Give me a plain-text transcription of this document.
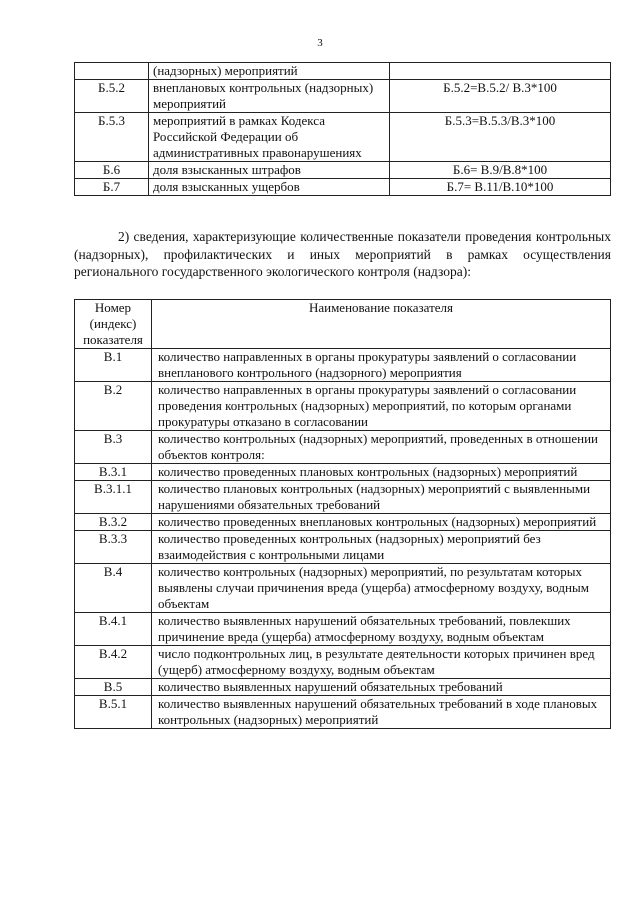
3
	(надзорных) мероприятий	
Б.5.2	внеплановых контрольных (надзорных) мероприятий	Б.5.2=В.5.2/ В.3*100
Б.5.3	мероприятий в рамках Кодекса Российской Федерации об административных правонарушениях	Б.5.3=В.5.3/В.3*100
Б.6	доля взысканных штрафов	Б.6= В.9/В.8*100
Б.7	доля взысканных ущербов	Б.7= В.11/В.10*100

2) сведения, характеризующие количественные показатели проведения контрольных (надзорных), профилактических и иных мероприятий в рамках осуществления регионального государственного экологического контроля (надзора):

Номер (индекс) показателя	Наименование показателя
В.1	количество направленных в органы прокуратуры заявлений о согласовании внепланового контрольного (надзорного) мероприятия
В.2	количество направленных в органы прокуратуры заявлений о согласовании проведения контрольных (надзорных) мероприятий, по которым органами прокуратуры отказано в согласовании
В.3	количество контрольных (надзорных) мероприятий, проведенных в отношении объектов контроля:
В.3.1	количество проведенных плановых контрольных (надзорных) мероприятий
В.3.1.1	количество плановых контрольных (надзорных) мероприятий с выявленными нарушениями обязательных требований
В.3.2	количество проведенных внеплановых контрольных (надзорных) мероприятий
В.3.3	количество проведенных контрольных (надзорных) мероприятий без взаимодействия с контрольными лицами
В.4	количество контрольных (надзорных) мероприятий, по результатам которых выявлены случаи причинения вреда (ущерба) атмосферному воздуху, водным объектам
В.4.1	количество выявленных нарушений обязательных требований, повлекших причинение вреда (ущерба) атмосферному воздуху, водным объектам
В.4.2	число подконтрольных лиц, в результате деятельности которых причинен вред (ущерб) атмосферному воздуху, водным объектам
В.5	количество выявленных нарушений обязательных требований
В.5.1	количество выявленных нарушений обязательных требований в ходе плановых контрольных (надзорных) мероприятий
